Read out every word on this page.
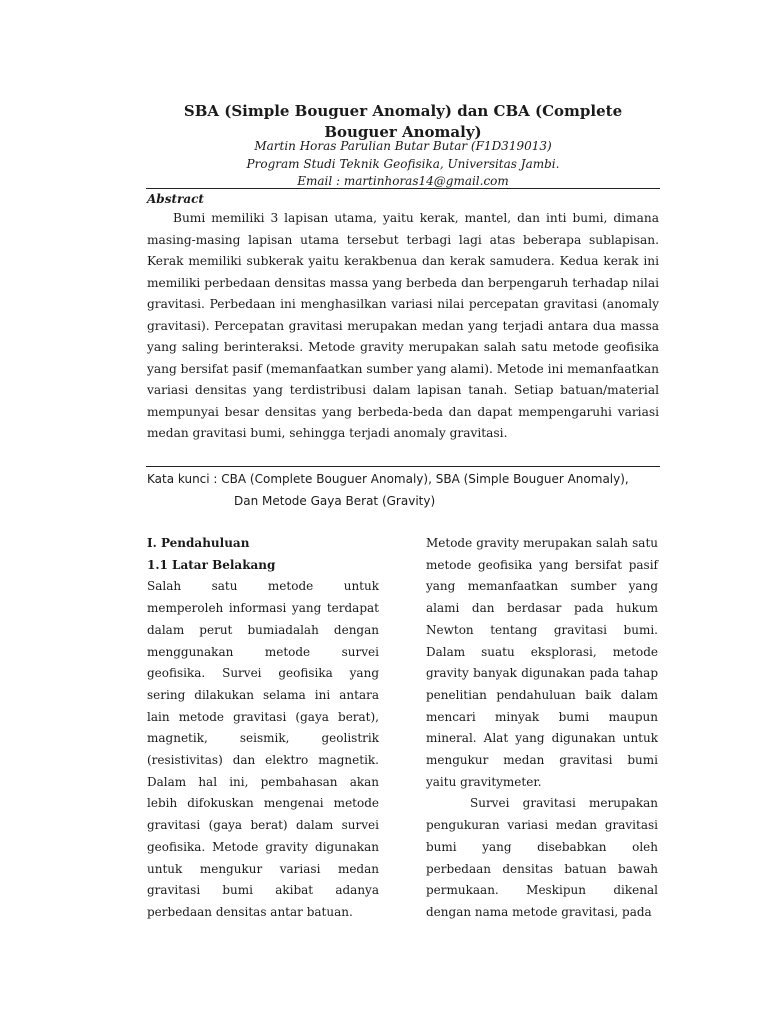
SBA (Simple Bouguer Anomaly) dan CBA (Complete Bouguer Anomaly)
Martin Horas Parulian Butar Butar (F1D319013)
Program Studi Teknik Geofisika, Universitas Jambi.
Email : martinhoras14@gmail.com
Abstract

Bumi memiliki 3 lapisan utama, yaitu kerak, mantel, dan inti bumi, dimana masing-masing lapisan utama tersebut terbagi lagi atas beberapa sublapisan. Kerak memiliki subkerak yaitu kerakbenua dan kerak samudera. Kedua kerak ini memiliki perbedaan densitas massa yang berbeda dan berpengaruh terhadap nilai gravitasi. Perbedaan ini menghasilkan variasi nilai percepatan gravitasi (anomaly gravitasi). Percepatan gravitasi merupakan medan yang terjadi antara dua massa yang saling berinteraksi. Metode gravity merupakan salah satu metode geofisika yang bersifat pasif (memanfaatkan sumber yang alami). Metode ini memanfaatkan variasi densitas yang terdistribusi dalam lapisan tanah. Setiap batuan/material mempunyai besar densitas yang berbeda-beda dan dapat mempengaruhi variasi medan gravitasi bumi, sehingga terjadi anomaly gravitasi.

Kata kunci : CBA (Complete Bouguer Anomaly), SBA (Simple Bouguer Anomaly),
Dan Metode Gaya Berat (Gravity)

I. Pendahuluan

1.1 Latar Belakang

Salah satu metode untuk memperoleh informasi yang terdapat dalam perut bumiadalah dengan menggunakan metode survei geofisika. Survei geofisika yang sering dilakukan selama ini antara lain metode gravitasi (gaya berat), magnetik, seismik, geolistrik (resistivitas) dan elektro magnetik. Dalam hal ini, pembahasan akan lebih difokuskan mengenai metode gravitasi (gaya berat) dalam survei geofisika. Metode gravity digunakan untuk mengukur variasi medan gravitasi bumi akibat adanya perbedaan densitas antar batuan.

Metode gravity merupakan salah satu metode geofisika yang bersifat pasif yang memanfaatkan sumber yang alami dan berdasar pada hukum Newton tentang gravitasi bumi. Dalam suatu eksplorasi, metode gravity banyak digunakan pada tahap penelitian pendahuluan baik dalam mencari minyak bumi maupun mineral. Alat yang digunakan untuk mengukur medan gravitasi bumi yaitu gravitymeter.

Survei gravitasi merupakan pengukuran variasi medan gravitasi bumi yang disebabkan oleh perbedaan densitas batuan bawah permukaan. Meskipun dikenal dengan nama metode gravitasi, pada
